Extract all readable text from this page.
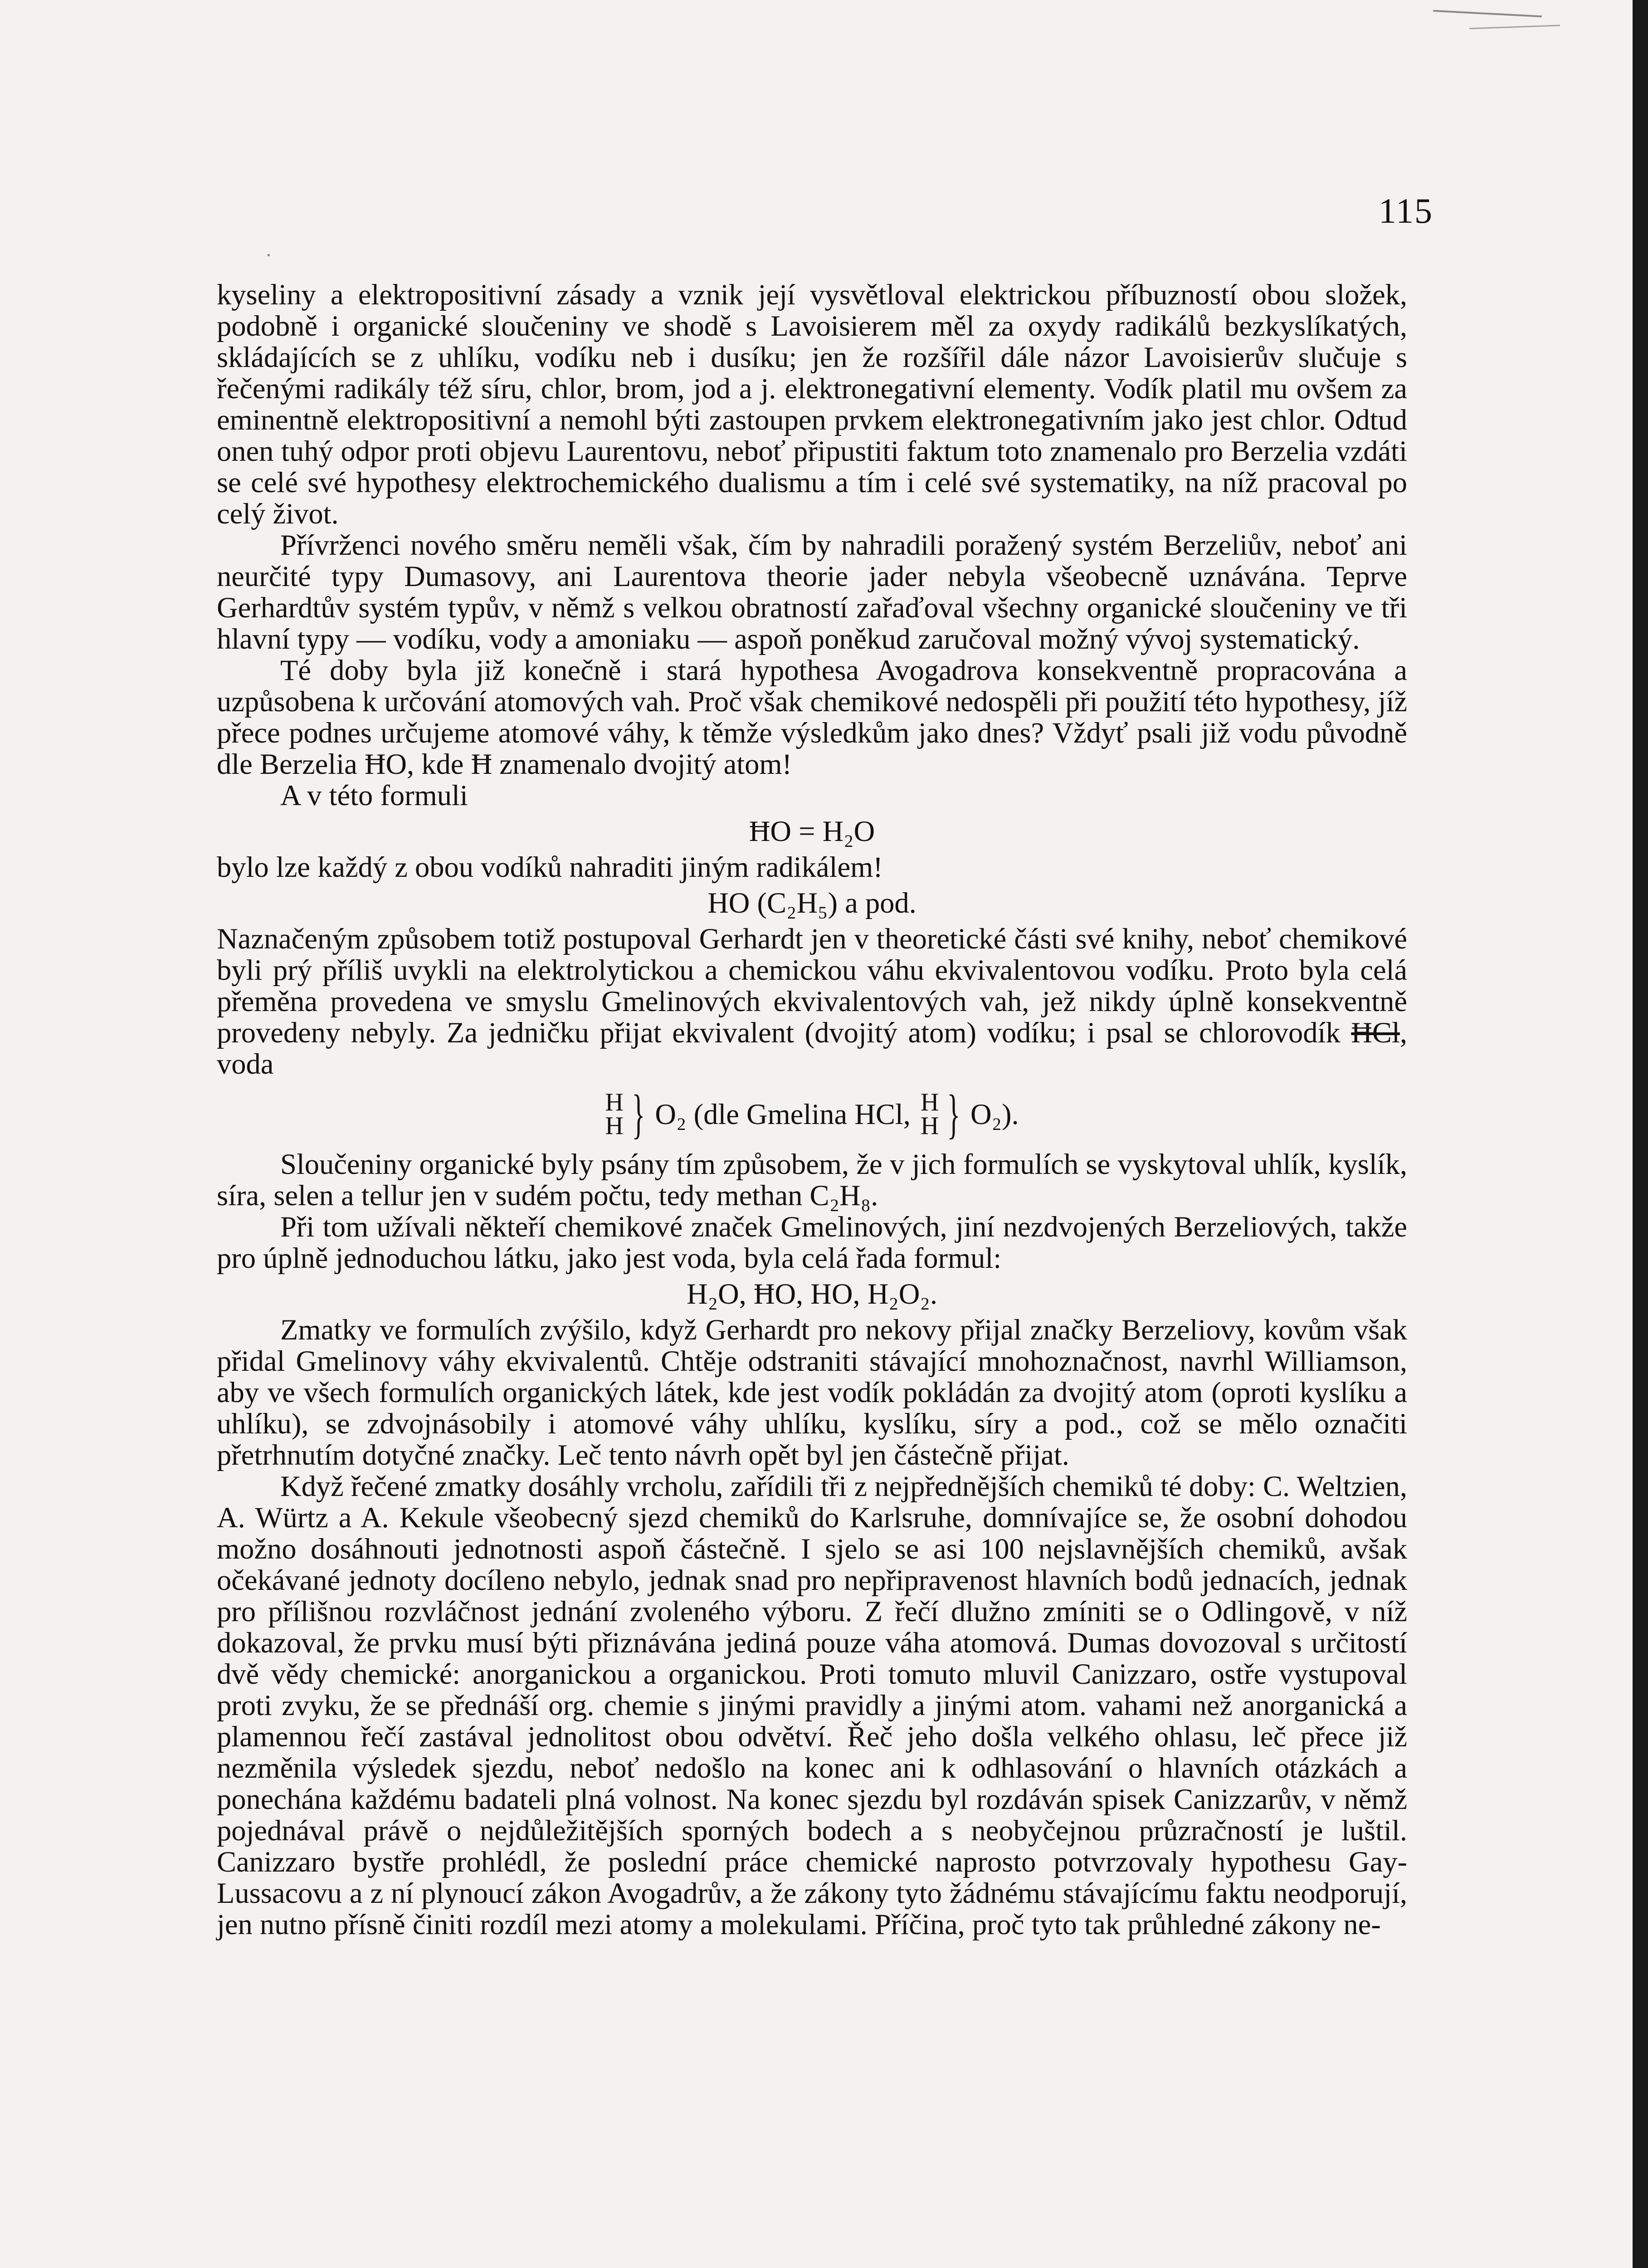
115

kyseliny a elektropositivní zásady a vznik její vysvětloval elektrickou příbuzností obou složek, podobně i organické sloučeniny ve shodě s Lavoisierem měl za oxydy radikálů bezkyslíkatých, skládajících se z uhlíku, vodíku neb i dusíku; jen že rozšířil dále názor Lavoisierův slučuje s řečenými radikály též síru, chlor, brom, jod a j. elektronegativní elementy. Vodík platil mu ovšem za eminentně elektropositivní a nemohl býti zastoupen prvkem elektronegativním jako jest chlor. Odtud onen tuhý odpor proti objevu Laurentovu, neboť připustiti faktum toto znamenalo pro Berzelia vzdáti se celé své hypothesy elektrochemického dualismu a tím i celé své systematiky, na níž pracoval po celý život.

Přívrženci nového směru neměli však, čím by nahradili poražený systém Berzeliův, neboť ani neurčité typy Dumasovy, ani Laurentova theorie jader nebyla všeobecně uznávána. Teprve Gerhardtův systém typův, v němž s velkou obratností zařaďoval všechny organické sloučeniny ve tři hlavní typy — vodíku, vody a amoniaku — aspoň poněkud zaručoval možný vývoj systematický.

Té doby byla již konečně i stará hypothesa Avogadrova konsekventně propracována a uzpůsobena k určování atomových vah. Proč však chemikové nedospěli při použití této hypothesy, jíž přece podnes určujeme atomové váhy, k těmže výsledkům jako dnes? Vždyť psali již vodu původně dle Berzelia ĦO, kde Ħ znamenalo dvojitý atom!

A v této formuli

ĦO = H₂O

bylo lze každý z obou vodíků nahraditi jiným radikálem!

HO (C₂H₅) a pod.

Naznačeným způsobem totiž postupoval Gerhardt jen v theoretické části své knihy, neboť chemikové byli prý příliš uvykli na elektrolytickou a chemickou váhu ekvivalentovou vodíku. Proto byla celá přeměna provedena ve smyslu Gmelinových ekvivalentových vah, jež nikdy úplně konsekventně provedeny nebyly. Za jedničku přijat ekvivalent (dvojitý atom) vodíku; i psal se chlorovodík ĦCl, voda

H
H } O₂ (dle Gmelina HCl, H
H } O₂).

Sloučeniny organické byly psány tím způsobem, že v jich formulích se vyskytoval uhlík, kyslík, síra, selen a tellur jen v sudém počtu, tedy methan C₂H₈.

Při tom užívali někteří chemikové značek Gmelinových, jiní nezdvojených Berzeliových, takže pro úplně jednoduchou látku, jako jest voda, byla celá řada formul:

H₂O, ĦO, HO, H₂O₂.

Zmatky ve formulích zvýšilo, když Gerhardt pro nekovy přijal značky Berzeliovy, kovům však přidal Gmelinovy váhy ekvivalentů. Chtěje odstraniti stávající mnohoznačnost, navrhl Williamson, aby ve všech formulích organických látek, kde jest vodík pokládán za dvojitý atom (oproti kyslíku a uhlíku), se zdvojnásobily i atomové váhy uhlíku, kyslíku, síry a pod., což se mělo označiti přetrhnutím dotyčné značky. Leč tento návrh opět byl jen částečně přijat.

Když řečené zmatky dosáhly vrcholu, zařídili tři z nejpřednějších chemiků té doby: C. Weltzien, A. Würtz a A. Kekule všeobecný sjezd chemiků do Karlsruhe, domnívajíce se, že osobní dohodou možno dosáhnouti jednotnosti aspoň částečně. I sjelo se asi 100 nejslavnějších chemiků, avšak očekávané jednoty docíleno nebylo, jednak snad pro nepřipravenost hlavních bodů jednacích, jednak pro přílišnou rozvláčnost jednání zvoleného výboru. Z řečí dlužno zmíniti se o Odlingově, v níž dokazoval, že prvku musí býti přiznávána jediná pouze váha atomová. Dumas dovozoval s určitostí dvě vědy chemické: anorganickou a organickou. Proti tomuto mluvil Canizzaro, ostře vystupoval proti zvyku, že se přednáší org. chemie s jinými pravidly a jinými atom. vahami než anorganická a plamennou řečí zastával jednolitost obou odvětví. Řeč jeho došla velkého ohlasu, leč přece již nezměnila výsledek sjezdu, neboť nedošlo na konec ani k odhlasování o hlavních otázkách a ponechána každému badateli plná volnost. Na konec sjezdu byl rozdáván spisek Canizzarův, v němž pojednával právě o nejdůležitějších sporných bodech a s neobyčejnou průzračností je luštil. Canizzaro bystře prohlédl, že poslední práce chemické naprosto potvrzovaly hypothesu Gay-Lussacovu a z ní plynoucí zákon Avogadrův, a že zákony tyto žádnému stávajícímu faktu neodporují, jen nutno přísně činiti rozdíl mezi atomy a molekulami. Příčina, proč tyto tak průhledné zákony ne-
